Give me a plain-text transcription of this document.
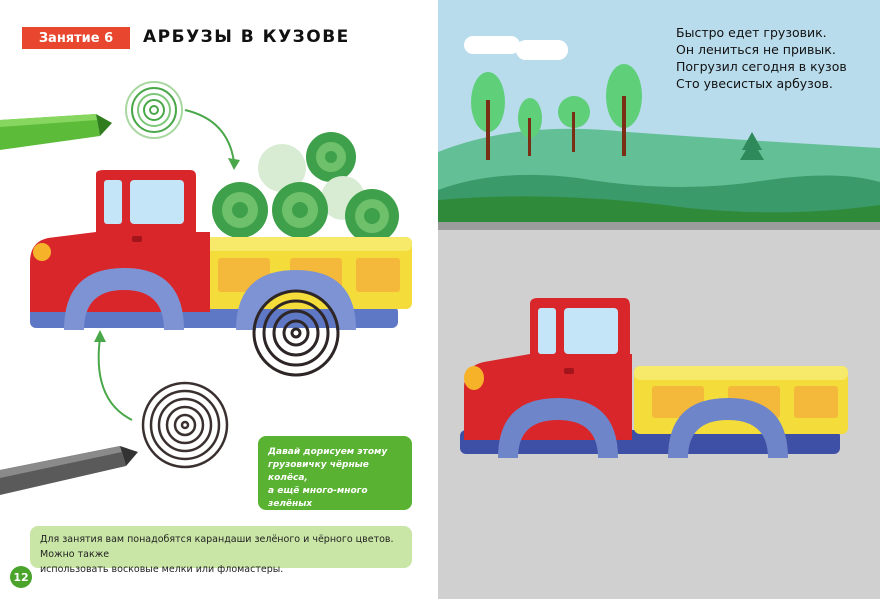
Занятие 6 АРБУЗЫ В КУЗОВЕ
Давай дорисуем этому
грузовичку чёрные колёса,
а ещё много-много зелёных
арбузов в кузове.
Для занятия вам понадобятся карандаши зелёного и чёрного цветов. Можно также
использовать восковые мелки или фломастеры.
12
Быстро едет грузовик.
Он лениться не привык.
Погрузил сегодня в кузов
Сто увесистых арбузов.
